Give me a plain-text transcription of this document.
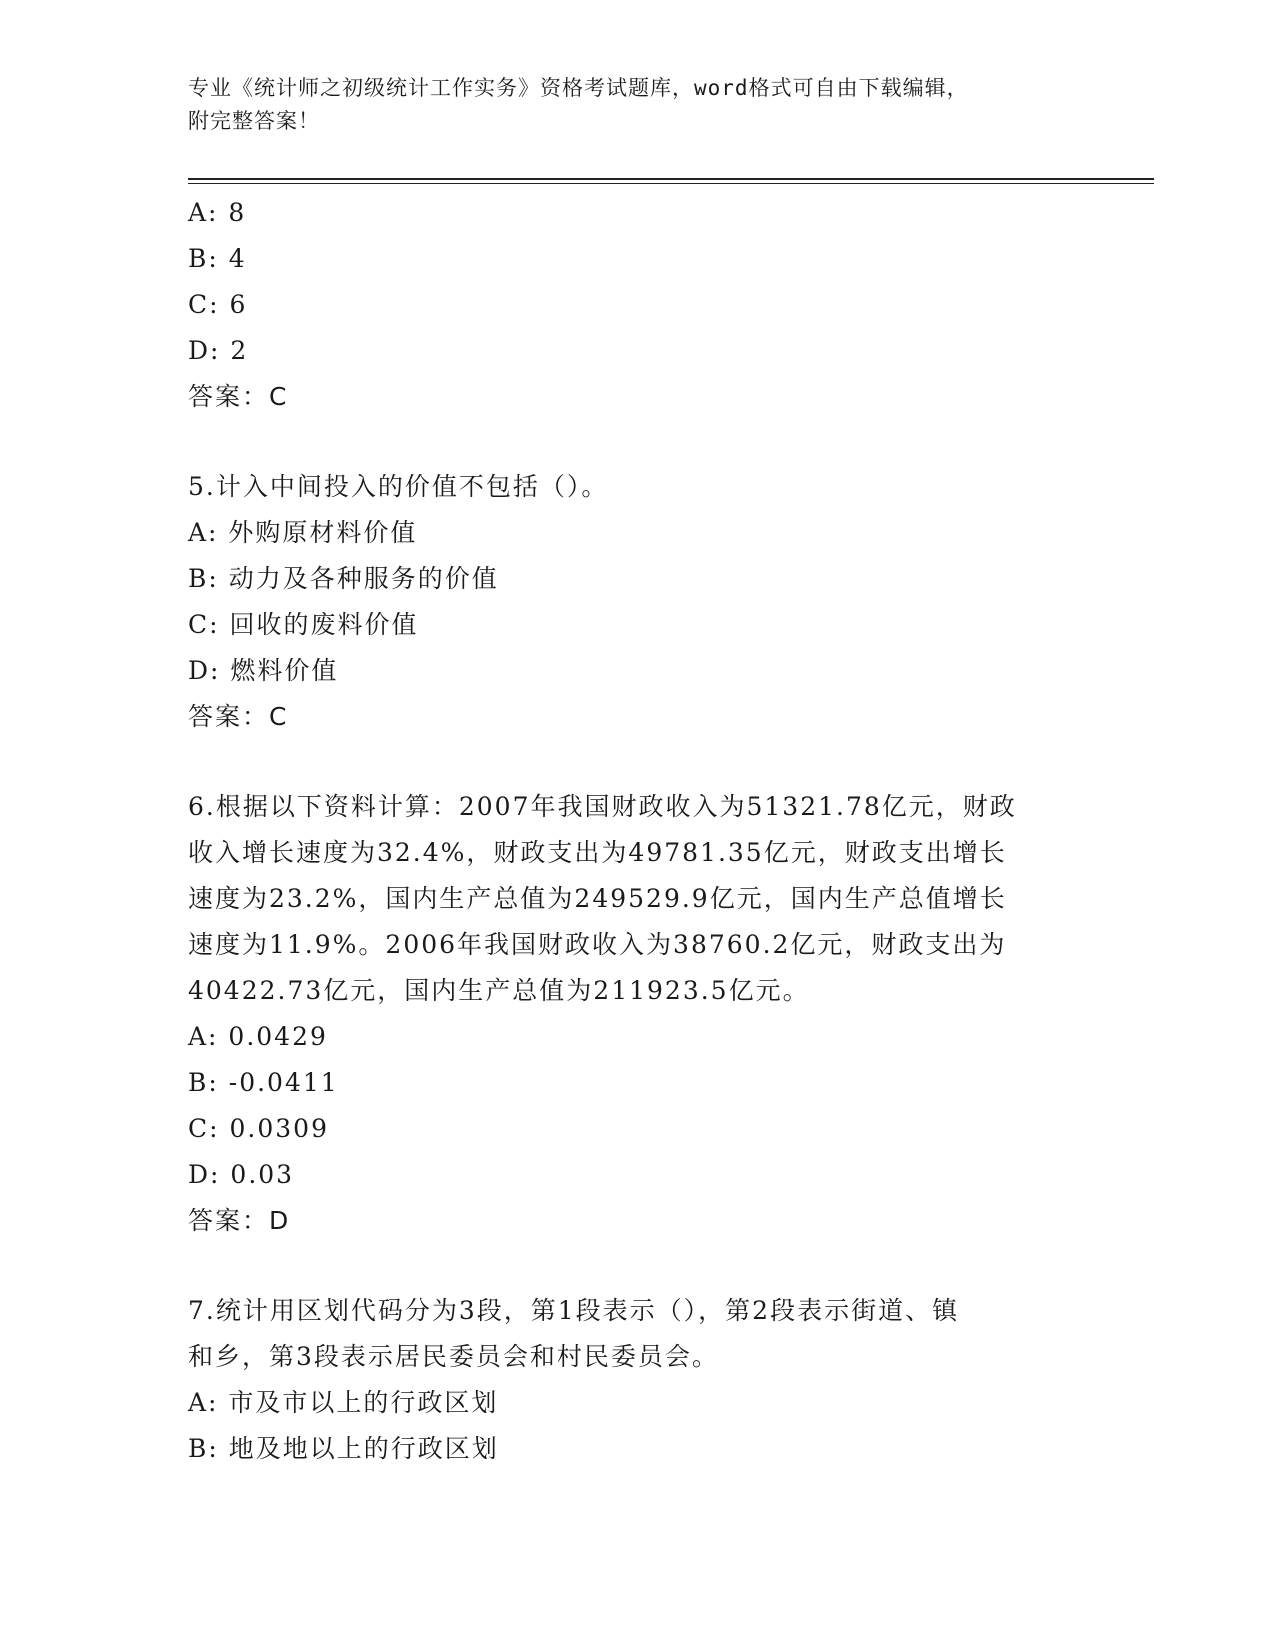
专业《统计师之初级统计工作实务》资格考试题库，word格式可自由下载编辑，
附完整答案！
A: 8
B: 4
C: 6
D: 2
答案：C
5.计入中间投入的价值不包括（）。
A: 外购原材料价值
B: 动力及各种服务的价值
C: 回收的废料价值
D: 燃料价值
答案：C
6.根据以下资料计算：2007年我国财政收入为51321.78亿元，财政
收入增长速度为32.4%，财政支出为49781.35亿元，财政支出增长
速度为23.2%，国内生产总值为249529.9亿元，国内生产总值增长
速度为11.9%。2006年我国财政收入为38760.2亿元，财政支出为
40422.73亿元，国内生产总值为211923.5亿元。
A: 0.0429
B: -0.0411
C: 0.0309
D: 0.03
答案：D
7.统计用区划代码分为3段，第1段表示（），第2段表示街道、镇
和乡，第3段表示居民委员会和村民委员会。
A: 市及市以上的行政区划
B: 地及地以上的行政区划
